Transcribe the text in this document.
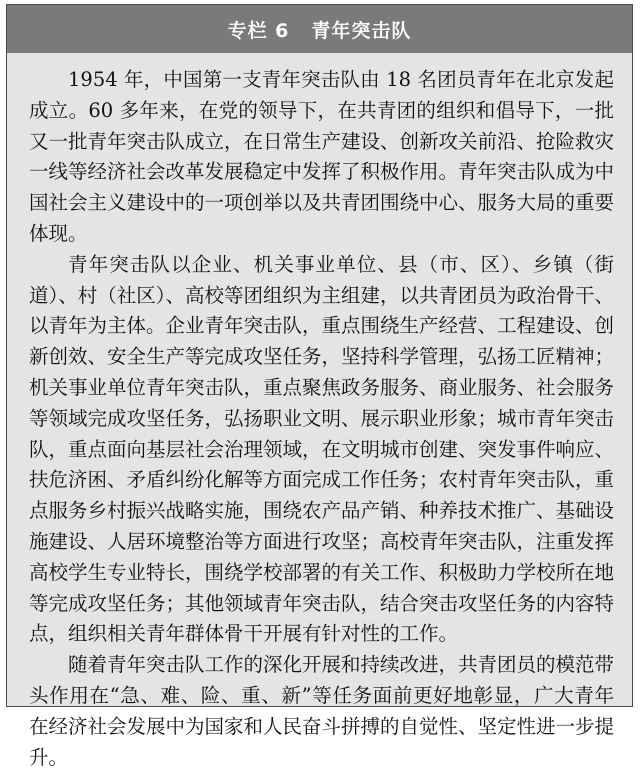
专栏 6 青年突击队

1954 年，中国第一支青年突击队由 18 名团员青年在北京发起成立。60 多年来，在党的领导下，在共青团的组织和倡导下，一批又一批青年突击队成立，在日常生产建设、创新攻关前沿、抢险救灾一线等经济社会改革发展稳定中发挥了积极作用。青年突击队成为中国社会主义建设中的一项创举以及共青团围绕中心、服务大局的重要体现。

青年突击队以企业、机关事业单位、县（市、区）、乡镇（街道）、村（社区）、高校等团组织为主组建，以共青团员为政治骨干、以青年为主体。企业青年突击队，重点围绕生产经营、工程建设、创新创效、安全生产等完成攻坚任务，坚持科学管理，弘扬工匠精神；机关事业单位青年突击队，重点聚焦政务服务、商业服务、社会服务等领域完成攻坚任务，弘扬职业文明、展示职业形象；城市青年突击队，重点面向基层社会治理领域，在文明城市创建、突发事件响应、扶危济困、矛盾纠纷化解等方面完成工作任务；农村青年突击队，重点服务乡村振兴战略实施，围绕农产品产销、种养技术推广、基础设施建设、人居环境整治等方面进行攻坚；高校青年突击队，注重发挥高校学生专业特长，围绕学校部署的有关工作、积极助力学校所在地等完成攻坚任务；其他领域青年突击队，结合突击攻坚任务的内容特点，组织相关青年群体骨干开展有针对性的工作。

随着青年突击队工作的深化开展和持续改进，共青团员的模范带头作用在“急、难、险、重、新”等任务面前更好地彰显，广大青年在经济社会发展中为国家和人民奋斗拼搏的自觉性、坚定性进一步提升。
